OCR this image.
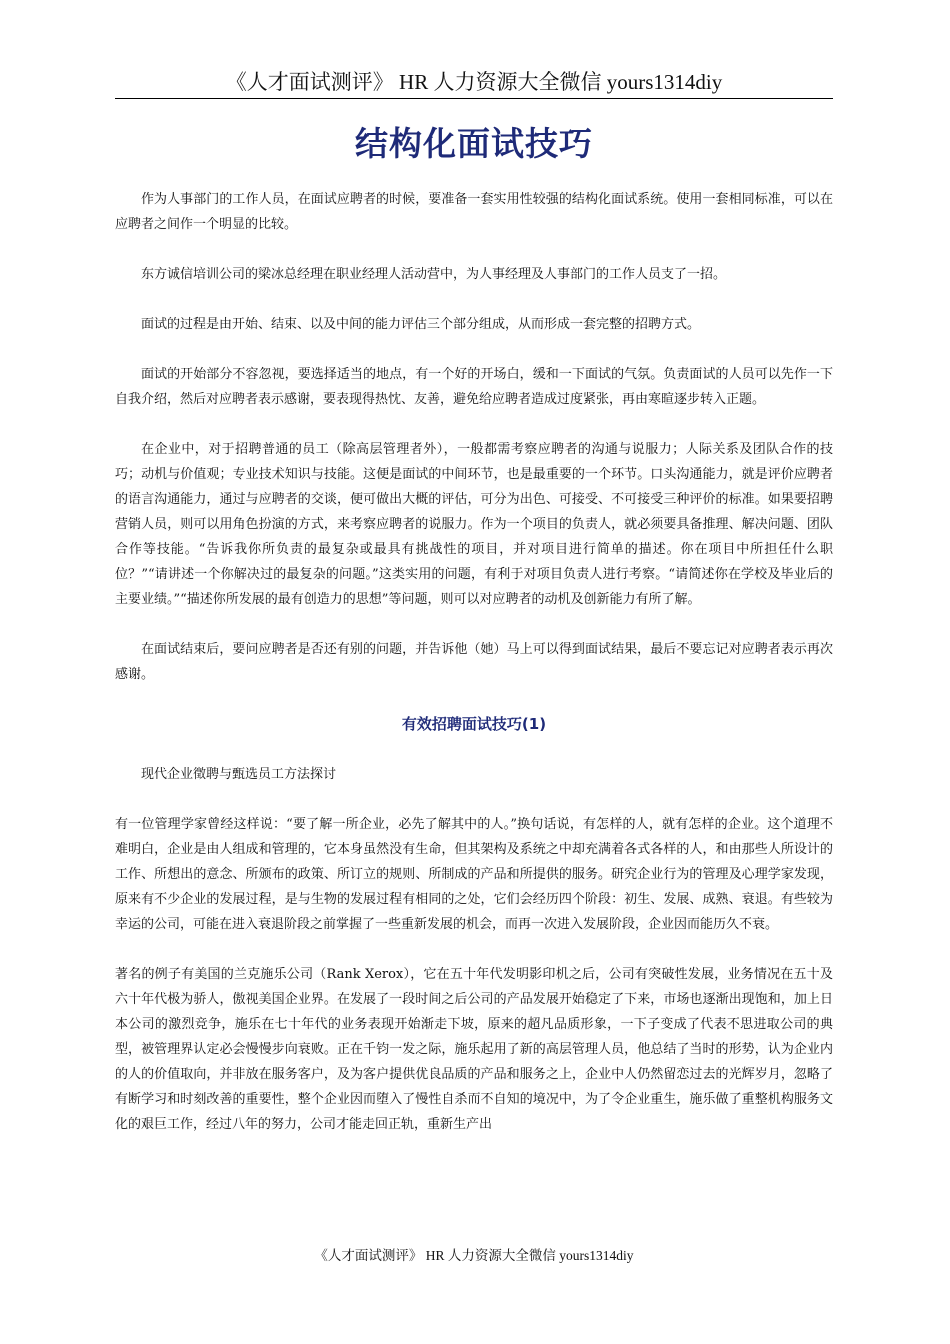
《人才面试测评》 HR 人力资源大全微信 yours1314diy
结构化面试技巧

作为人事部门的工作人员，在面试应聘者的时候，要准备一套实用性较强的结构化面试系统。使用一套相同标准，可以在应聘者之间作一个明显的比较。

东方诚信培训公司的梁冰总经理在职业经理人活动营中，为人事经理及人事部门的工作人员支了一招。

面试的过程是由开始、结束、以及中间的能力评估三个部分组成，从而形成一套完整的招聘方式。

面试的开始部分不容忽视，要选择适当的地点，有一个好的开场白，缓和一下面试的气氛。负责面试的人员可以先作一下自我介绍，然后对应聘者表示感谢，要表现得热忱、友善，避免给应聘者造成过度紧张，再由寒暄逐步转入正题。

在企业中，对于招聘普通的员工（除高层管理者外），一般都需考察应聘者的沟通与说服力；人际关系及团队合作的技巧；动机与价值观；专业技术知识与技能。这便是面试的中间环节，也是最重要的一个环节。口头沟通能力，就是评价应聘者的语言沟通能力，通过与应聘者的交谈，便可做出大概的评估，可分为出色、可接受、不可接受三种评价的标准。如果要招聘营销人员，则可以用角色扮演的方式，来考察应聘者的说服力。作为一个项目的负责人，就必须要具备推理、解决问题、团队合作等技能。“告诉我你所负责的最复杂或最具有挑战性的项目，并对项目进行简单的描述。你在项目中所担任什么职位？”“请讲述一个你解决过的最复杂的问题。”这类实用的问题，有利于对项目负责人进行考察。“请简述你在学校及毕业后的主要业绩。”“描述你所发展的最有创造力的思想”等问题，则可以对应聘者的动机及创新能力有所了解。

在面试结束后，要问应聘者是否还有别的问题，并告诉他（她）马上可以得到面试结果，最后不要忘记对应聘者表示再次感谢。

有效招聘面试技巧(1)

现代企业徵聘与甄选员工方法探讨

有一位管理学家曾经这样说：“要了解一所企业，必先了解其中的人。”换句话说，有怎样的人，就有怎样的企业。这个道理不难明白，企业是由人组成和管理的，它本身虽然没有生命，但其架构及系统之中却充满着各式各样的人，和由那些人所设计的工作、所想出的意念、所颁布的政策、所订立的规则、所制成的产品和所提供的服务。研究企业行为的管理及心理学家发现，原来有不少企业的发展过程，是与生物的发展过程有相同的之处，它们会经历四个阶段：初生、发展、成熟、衰退。有些较为幸运的公司，可能在进入衰退阶段之前掌握了一些重新发展的机会，而再一次进入发展阶段，企业因而能历久不衰。

著名的例子有美国的兰克施乐公司（Rank Xerox），它在五十年代发明影印机之后，公司有突破性发展，业务情况在五十及六十年代极为骄人，傲视美国企业界。在发展了一段时间之后公司的产品发展开始稳定了下来，市场也逐渐出现饱和，加上日本公司的激烈竞争，施乐在七十年代的业务表现开始渐走下坡，原来的超凡品质形象，一下子变成了代表不思进取公司的典型，被管理界认定必会慢慢步向衰败。正在千钧一发之际，施乐起用了新的高层管理人员，他总结了当时的形势，认为企业内的人的价值取向，并非放在服务客户，及为客户提供优良品质的产品和服务之上，企业中人仍然留恋过去的光辉岁月，忽略了有断学习和时刻改善的重要性，整个企业因而堕入了慢性自杀而不自知的境况中，为了令企业重生，施乐做了重整机构服务文化的艰巨工作，经过八年的努力，公司才能走回正轨，重新生产出

《人才面试测评》 HR 人力资源大全微信 yours1314diy
